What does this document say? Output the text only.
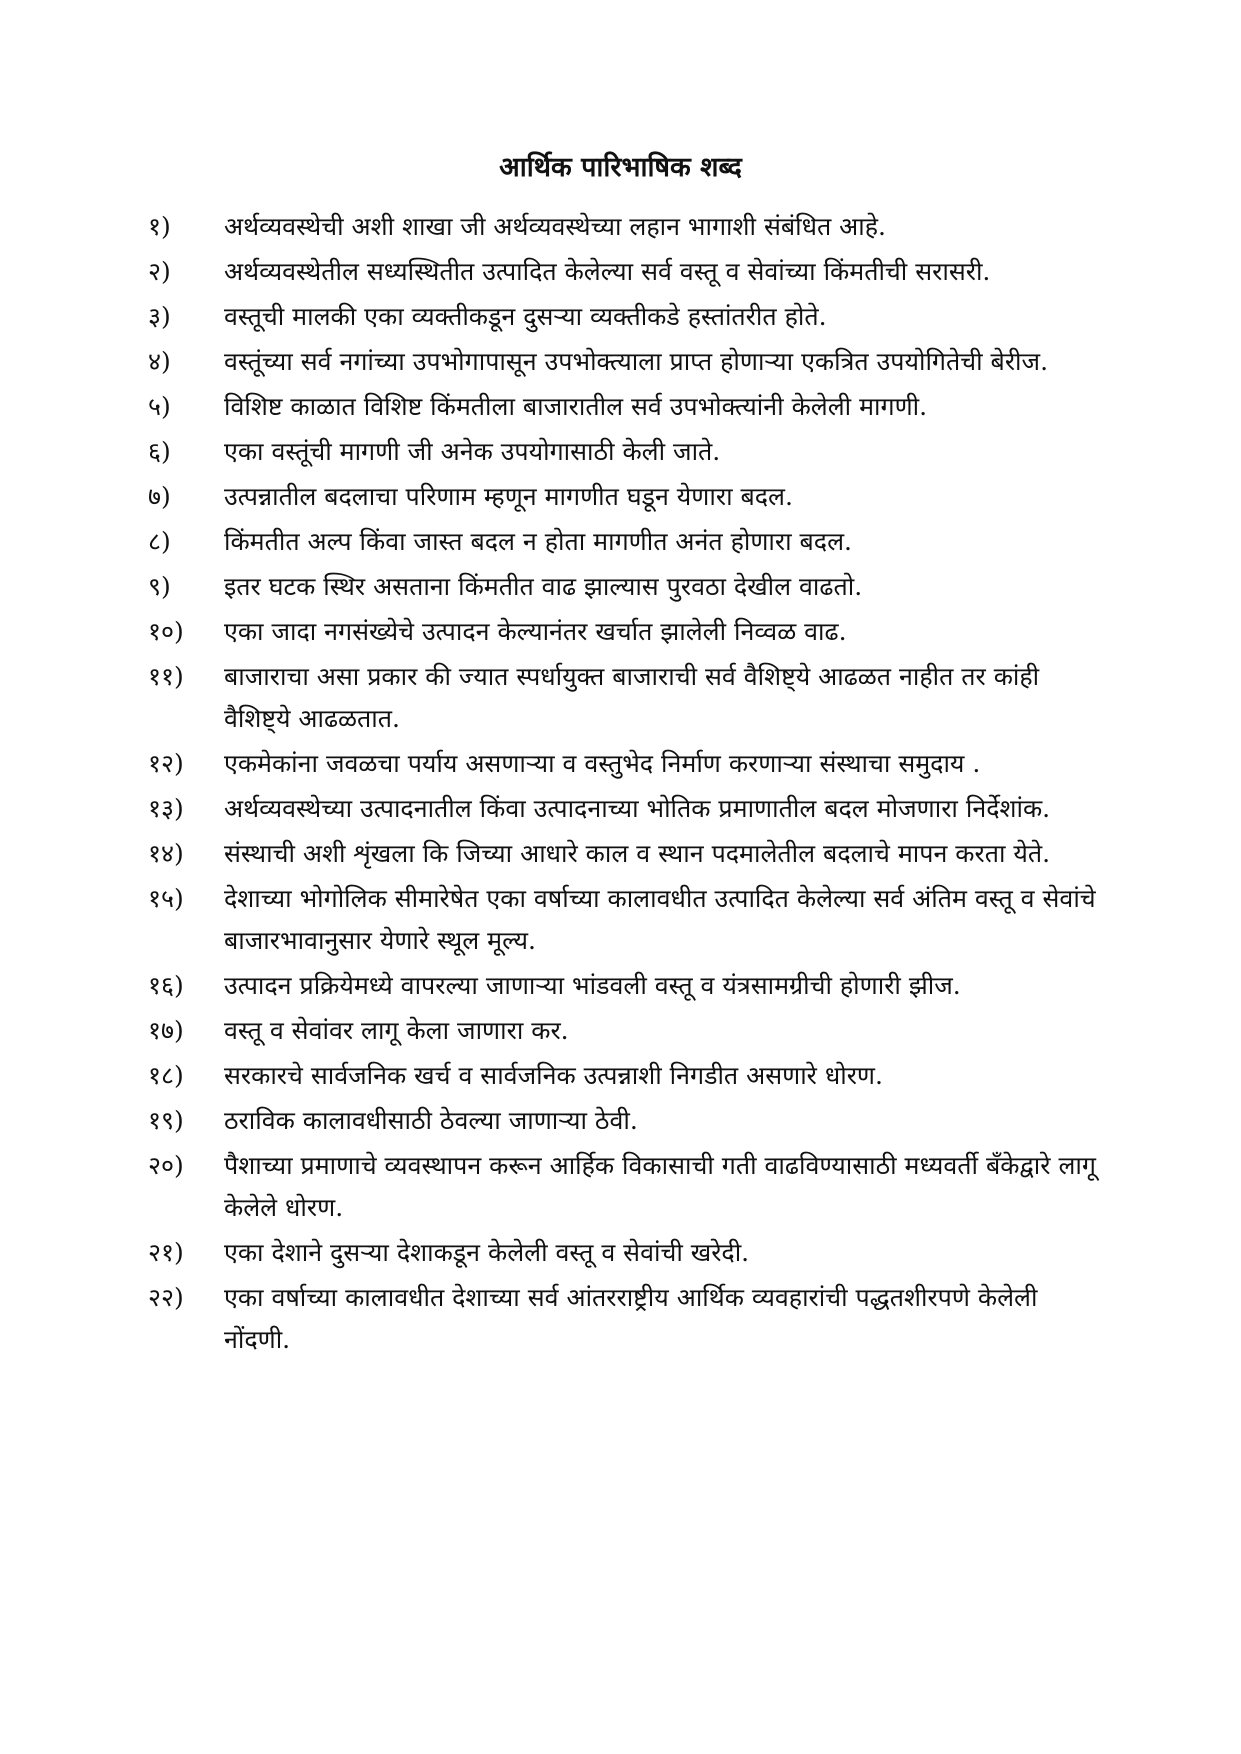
आर्थिक पारिभाषिक शब्द
१)	अर्थव्यवस्थेची अशी शाखा जी अर्थव्यवस्थेच्या लहान भागाशी संबंधित आहे.
२)	अर्थव्यवस्थेतील सध्यस्थितीत उत्पादित केलेल्या सर्व वस्तू व सेवांच्या किंमतीची सरासरी.
३)	वस्तूची मालकी एका व्यक्तीकडून दुसऱ्या व्यक्तीकडे हस्तांतरीत होते.
४)	वस्तूंच्या सर्व नगांच्या उपभोगापासून उपभोक्त्याला प्राप्त होणाऱ्या एकत्रित उपयोगितेची बेरीज.
५)	विशिष्ट काळात विशिष्ट किंमतीला बाजारातील सर्व उपभोक्त्यांनी केलेली मागणी.
६)	एका वस्तूंची मागणी जी अनेक उपयोगासाठी केली जाते.
७)	उत्पन्नातील बदलाचा परिणाम म्हणून मागणीत घडून येणारा बदल.
८)	किंमतीत अल्प किंवा जास्त बदल न होता मागणीत अनंत होणारा बदल.
९)	इतर घटक स्थिर असताना किंमतीत वाढ झाल्यास पुरवठा देखील वाढतो.
१०)	एका जादा नगसंख्येचे उत्पादन केल्यानंतर खर्चात झालेली निव्वळ वाढ.
११)	बाजाराचा असा प्रकार की ज्यात स्पर्धायुक्त बाजाराची सर्व वैशिष्ट्ये आढळत नाहीत तर कांही वैशिष्ट्ये आढळतात.
१२)	एकमेकांना जवळचा पर्याय असणाऱ्या व वस्तुभेद निर्माण करणाऱ्या संस्थाचा समुदाय .
१३)	अर्थव्यवस्थेच्या उत्पादनातील किंवा उत्पादनाच्या भोतिक प्रमाणातील बदल मोजणारा निर्देशांक.
१४)	संस्थाची अशी शृंखला कि जिच्या आधारे काल व स्थान पदमालेतील बदलाचे मापन करता येते.
१५)	देशाच्या भोगोलिक सीमारेषेत एका वर्षाच्या कालावधीत उत्पादित केलेल्या सर्व अंतिम वस्तू व सेवांचे बाजारभावानुसार येणारे स्थूल मूल्य.
१६)	उत्पादन प्रक्रियेमध्ये वापरल्या जाणाऱ्या भांडवली वस्तू व यंत्रसामग्रीची होणारी झीज.
१७)	वस्तू व सेवांवर लागू केला जाणारा कर.
१८)	सरकारचे सार्वजनिक खर्च व सार्वजनिक उत्पन्नाशी निगडीत असणारे धोरण.
१९)	ठराविक कालावधीसाठी ठेवल्या जाणाऱ्या ठेवी.
२०)	पैशाच्या प्रमाणाचे व्यवस्थापन करून आर्हिक विकासाची गती वाढविण्यासाठी मध्यवर्ती बँकेद्वारे लागू केलेले धोरण.
२१)	एका देशाने दुसऱ्या देशाकडून केलेली वस्तू व सेवांची खरेदी.
२२)	एका वर्षाच्या कालावधीत देशाच्या सर्व आंतरराष्ट्रीय आर्थिक व्यवहारांची पद्धतशीरपणे केलेली नोंदणी.
